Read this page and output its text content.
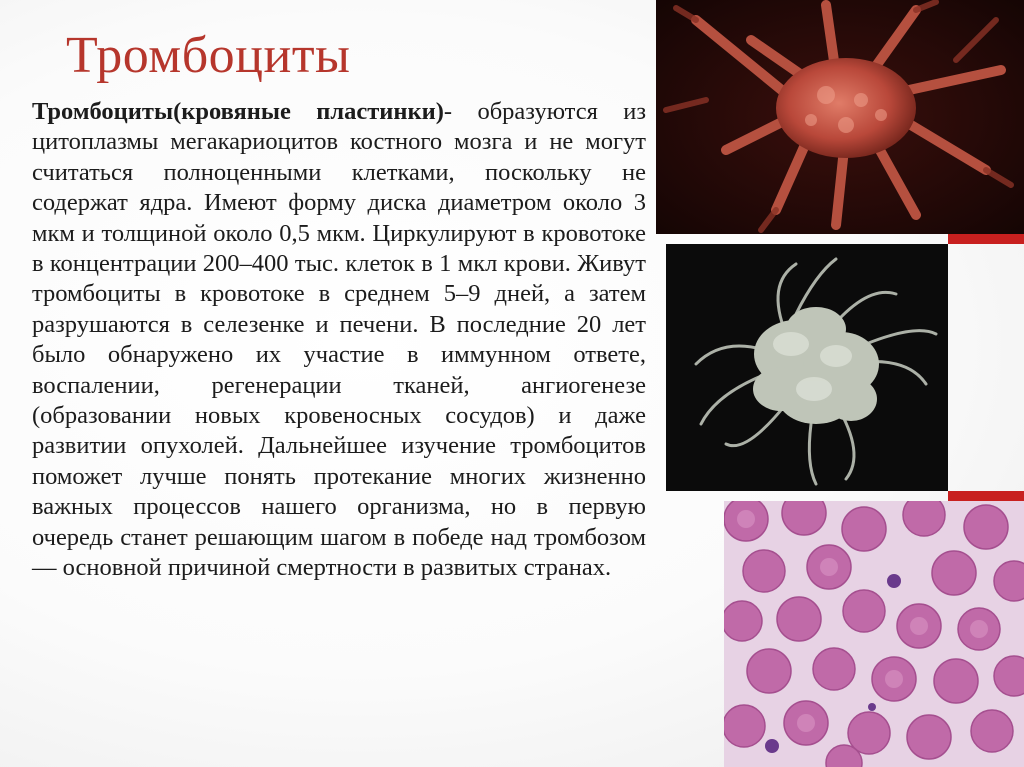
Тромбоциты
Тромбоциты(кровяные пластинки)- образуются из цитоплазмы мегакариоцитов костного мозга и не могут считаться полноценными клетками, поскольку не содержат ядра. Имеют форму диска диаметром около 3 мкм и толщиной около 0,5 мкм. Циркулируют в кровотоке в концентрации 200–400 тыс. клеток в 1 мкл крови. Живут тромбоциты в кровотоке в среднем 5–9 дней, а затем разрушаются в селезенке и печени. В последние 20 лет было обнаружено их участие в иммунном ответе, воспалении, регенерации тканей, ангиогенезе (образовании новых кровеносных сосудов) и даже развитии опухолей. Дальнейшее изучение тромбоцитов поможет лучше понять протекание многих жизненно важных процессов нашего организма, но в первую очередь станет решающим шагом в победе над тромбозом — основной причиной смертности в развитых странах.
